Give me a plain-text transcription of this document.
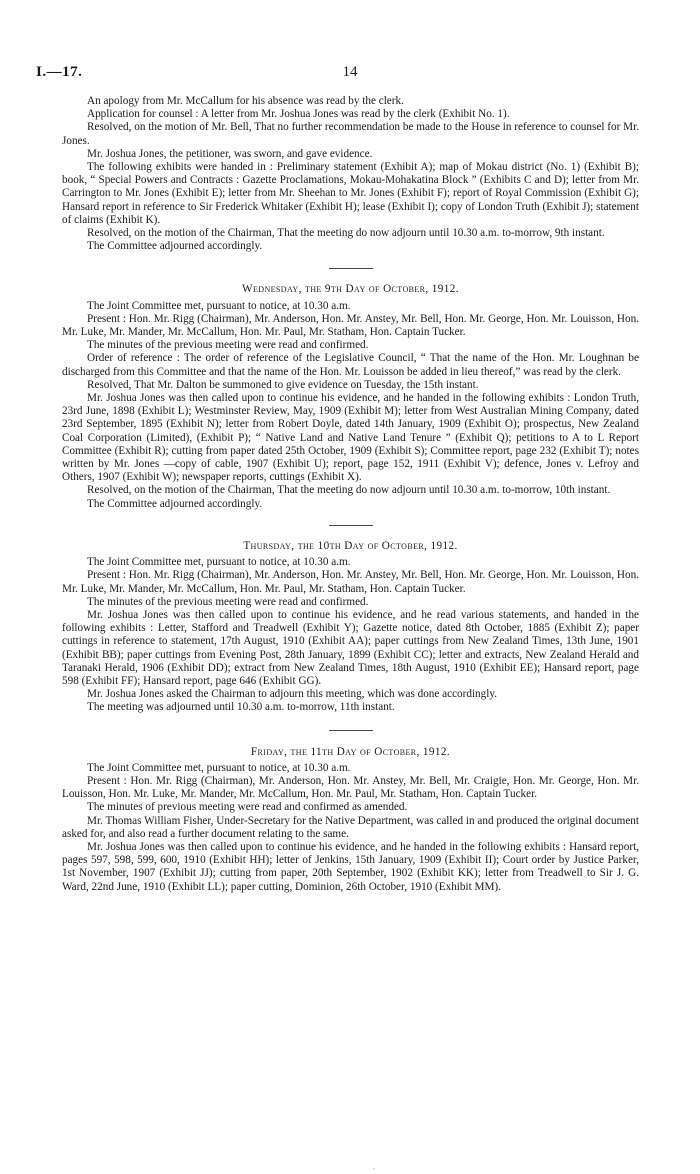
I.—17.	14

An apology from Mr. McCallum for his absence was read by the clerk.

Application for counsel : A letter from Mr. Joshua Jones was read by the clerk (Exhibit No. 1).

Resolved, on the motion of Mr. Bell, That no further recommendation be made to the House in reference to counsel for Mr. Jones.

Mr. Joshua Jones, the petitioner, was sworn, and gave evidence.

The following exhibits were handed in : Preliminary statement (Exhibit A); map of Mokau district (No. 1) (Exhibit B); book, “ Special Powers and Contracts : Gazette Proclamations, Mokau-Mohakatina Block ” (Exhibits C and D); letter from Mr. Carrington to Mr. Jones (Exhibit E); letter from Mr. Sheehan to Mr. Jones (Exhibit F); report of Royal Commission (Exhibit G); Hansard report in reference to Sir Frederick Whitaker (Exhibit H); lease (Exhibit I); copy of London Truth (Exhibit J); statement of claims (Exhibit K).

Resolved, on the motion of the Chairman, That the meeting do now adjourn until 10.30 a.m. to-morrow, 9th instant.

The Committee adjourned accordingly.

Wednesday, the 9th Day of October, 1912.

The Joint Committee met, pursuant to notice, at 10.30 a.m.

Present : Hon. Mr. Rigg (Chairman), Mr. Anderson, Hon. Mr. Anstey, Mr. Bell, Hon. Mr. George, Hon. Mr. Louisson, Hon. Mr. Luke, Mr. Mander, Mr. McCallum, Hon. Mr. Paul, Mr. Statham, Hon. Captain Tucker.

The minutes of the previous meeting were read and confirmed.

Order of reference : The order of reference of the Legislative Council, “ That the name of the Hon. Mr. Loughnan be discharged from this Committee and that the name of the Hon. Mr. Louisson be added in lieu thereof,” was read by the clerk.

Resolved, That Mr. Dalton be summoned to give evidence on Tuesday, the 15th instant.

Mr. Joshua Jones was then called upon to continue his evidence, and he handed in the following exhibits : London Truth, 23rd June, 1898 (Exhibit L); Westminster Review, May, 1909 (Exhibit M); letter from West Australian Mining Company, dated 23rd September, 1895 (Exhibit N); letter from Robert Doyle, dated 14th January, 1909 (Exhibit O); prospectus, New Zealand Coal Corporation (Limited), (Exhibit P); “ Native Land and Native Land Tenure ” (Exhibit Q); petitions to A to L Report Committee (Exhibit R); cutting from paper dated 25th October, 1909 (Exhibit S); Committee report, page 232 (Exhibit T); notes written by Mr. Jones —copy of cable, 1907 (Exhibit U); report, page 152, 1911 (Exhibit V); defence, Jones v. Lefroy and Others, 1907 (Exhibit W); newspaper reports, cuttings (Exhibit X).

Resolved, on the motion of the Chairman, That the meeting do now adjourn until 10.30 a.m. to-morrow, 10th instant.

The Committee adjourned accordingly.

Thursday, the 10th Day of October, 1912.

The Joint Committee met, pursuant to notice, at 10.30 a.m.

Present : Hon. Mr. Rigg (Chairman), Mr. Anderson, Hon. Mr. Anstey, Mr. Bell, Hon. Mr. George, Hon. Mr. Louisson, Hon. Mr. Luke, Mr. Mander, Mr. McCallum, Hon. Mr. Paul, Mr. Statham, Hon. Captain Tucker.

The minutes of the previous meeting were read and confirmed.

Mr. Joshua Jones was then called upon to continue his evidence, and he read various statements, and handed in the following exhibits : Letter, Stafford and Treadwell (Exhibit Y); Gazette notice, dated 8th October, 1885 (Exhibit Z); paper cuttings in reference to statement, 17th August, 1910 (Exhibit AA); paper cuttings from New Zealand Times, 13th June, 1901 (Exhibit BB); paper cuttings from Evening Post, 28th January, 1899 (Exhibit CC); letter and extracts, New Zealand Herald and Taranaki Herald, 1906 (Exhibit DD); extract from New Zealand Times, 18th August, 1910 (Exhibit EE); Hansard report, page 598 (Exhibit FF); Hansard report, page 646 (Exhibit GG).

Mr. Joshua Jones asked the Chairman to adjourn this meeting, which was done accordingly.

The meeting was adjourned until 10.30 a.m. to-morrow, 11th instant.

Friday, the 11th Day of October, 1912.

The Joint Committee met, pursuant to notice, at 10.30 a.m.

Present : Hon. Mr. Rigg (Chairman), Mr. Anderson, Hon. Mr. Anstey, Mr. Bell, Mr. Craigie, Hon. Mr. George, Hon. Mr. Louisson, Hon. Mr. Luke, Mr. Mander, Mr. McCallum, Hon. Mr. Paul, Mr. Statham, Hon. Captain Tucker.

The minutes of previous meeting were read and confirmed as amended.

Mr. Thomas William Fisher, Under-Secretary for the Native Department, was called in and produced the original document asked for, and also read a further document relating to the same.

Mr. Joshua Jones was then called upon to continue his evidence, and he handed in the following exhibits : Hansard report, pages 597, 598, 599, 600, 1910 (Exhibit HH); letter of Jenkins, 15th January, 1909 (Exhibit II); Court order by Justice Parker, 1st November, 1907 (Exhibit JJ); cutting from paper, 20th September, 1902 (Exhibit KK); letter from Treadwell to Sir J. G. Ward, 22nd June, 1910 (Exhibit LL); paper cutting, Dominion, 26th October, 1910 (Exhibit MM).

,
